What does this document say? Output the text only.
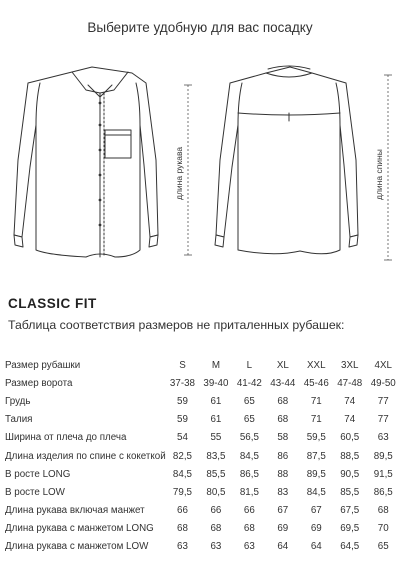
Выберите удобную для вас посадку
длина рукава	длина спины
CLASSIC FIT
Таблица соответствия размеров не приталенных рубашек:
Размер рубашки	S	M	L	XL	XXL	3XL	4XL
Размер ворота	37-38	39-40	41-42	43-44	45-46	47-48	49-50
Грудь	59	61	65	68	71	74	77
Талия	59	61	65	68	71	74	77
Ширина от плеча до плеча	54	55	56,5	58	59,5	60,5	63
Длина изделия по спине с кокеткой	82,5	83,5	84,5	86	87,5	88,5	89,5
В росте LONG	84,5	85,5	86,5	88	89,5	90,5	91,5
В росте LOW	79,5	80,5	81,5	83	84,5	85,5	86,5
Длина рукава включая манжет	66	66	66	67	67	67,5	68
Длина рукава с манжетом LONG	68	68	68	69	69	69,5	70
Длина рукава с манжетом LOW	63	63	63	64	64	64,5	65
